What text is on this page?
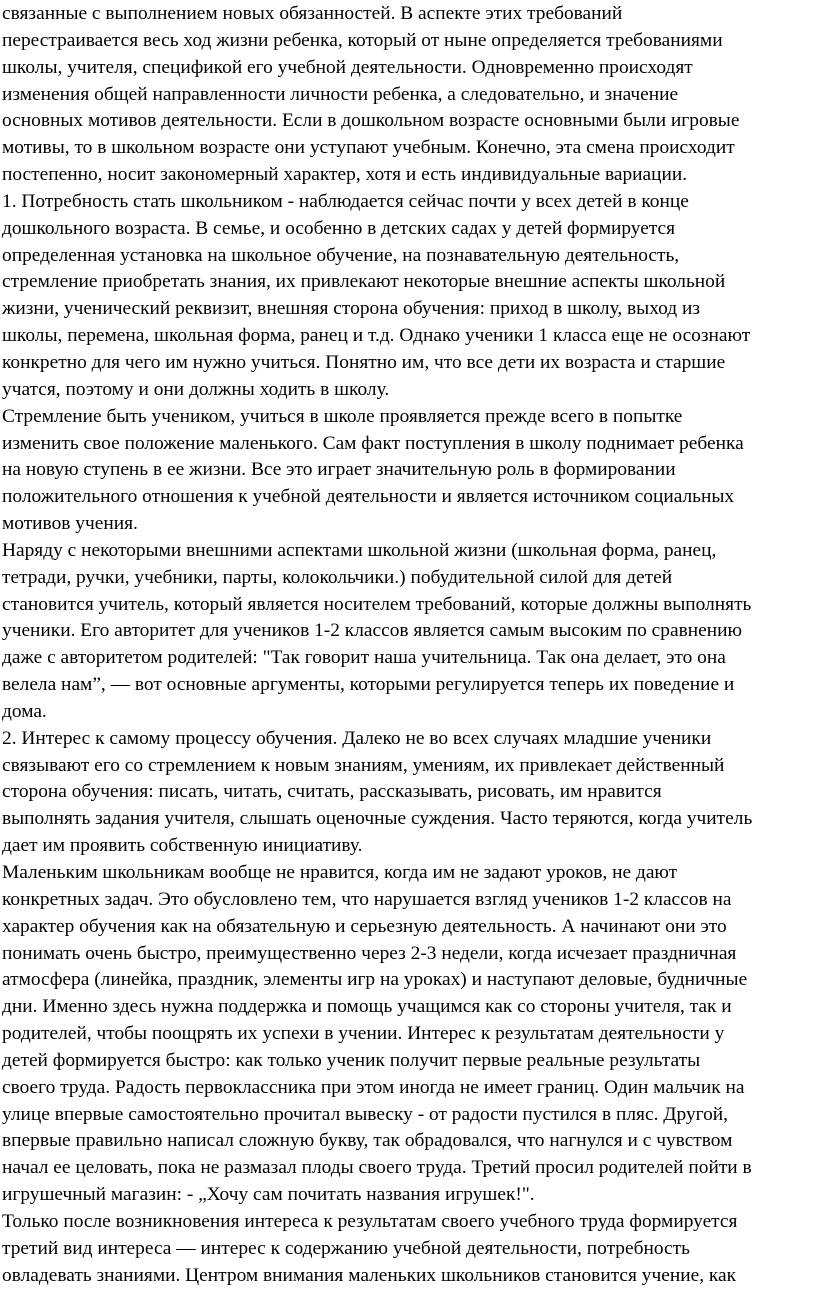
связанные с выполнением новых обязанностей. В аспекте этих требований
перестраивается весь ход жизни ребенка, который от ныне определяется требованиями
школы, учителя, спецификой его учебной деятельности. Одновременно происходят
изменения общей направленности личности ребенка, а следовательно, и значение
основных мотивов деятельности. Если в дошкольном возрасте основными были игровые
мотивы, то в школьном возрасте они уступают учебным. Конечно, эта смена происходит
постепенно, носит закономерный характер, хотя и есть индивидуальные вариации.
1. Потребность стать школьником - наблюдается сейчас почти у всех детей в конце
дошкольного возраста. В семье, и особенно в детских садах у детей формируется
определенная установка на школьное обучение, на познавательную деятельность,
стремление приобретать знания, их привлекают некоторые внешние аспекты школьной
жизни, ученический реквизит, внешняя сторона обучения: приход в школу, выход из
школы, перемена, школьная форма, ранец и т.д. Однако ученики 1 класса еще не осознают
конкретно для чего им нужно учиться. Понятно им, что все дети их возраста и старшие
учатся, поэтому и они должны ходить в школу.
Стремление быть учеником, учиться в школе проявляется прежде всего в попытке
изменить свое положение маленького. Сам факт поступления в школу поднимает ребенка
на новую ступень в ее жизни. Все это играет значительную роль в формировании
положительного отношения к учебной деятельности и является источником социальных
мотивов учения.
Наряду с некоторыми внешними аспектами школьной жизни (школьная форма, ранец,
тетради, ручки, учебники, парты, колокольчики.) побудительной силой для детей
становится учитель, который является носителем требований, которые должны выполнять
ученики. Его авторитет для учеников 1-2 классов является самым высоким по сравнению
даже с авторитетом родителей: "Так говорит наша учительница. Так она делает, это она
велела нам”, — вот основные аргументы, которыми регулируется теперь их поведение и
дома.
2. Интерес к самому процессу обучения. Далеко не во всех случаях младшие ученики
связывают его со стремлением к новым знаниям, умениям, их привлекает действенный
сторона обучения: писать, читать, считать, рассказывать, рисовать, им нравится
выполнять задания учителя, слышать оценочные суждения. Часто теряются, когда учитель
дает им проявить собственную инициативу.
Маленьким школьникам вообще не нравится, когда им не задают уроков, не дают
конкретных задач. Это обусловлено тем, что нарушается взгляд учеников 1-2 классов на
характер обучения как на обязательную и серьезную деятельность. А начинают они это
понимать очень быстро, преимущественно через 2-3 недели, когда исчезает праздничная
атмосфера (линейка, праздник, элементы игр на уроках) и наступают деловые, будничные
дни. Именно здесь нужна поддержка и помощь учащимся как со стороны учителя, так и
родителей, чтобы поощрять их успехи в учении. Интерес к результатам деятельности у
детей формируется быстро: как только ученик получит первые реальные результаты
своего труда. Радость первоклассника при этом иногда не имеет границ. Один мальчик на
улице впервые самостоятельно прочитал вывеску - от радости пустился в пляс. Другой,
впервые правильно написал сложную букву, так обрадовался, что нагнулся и с чувством
начал ее целовать, пока не размазал плоды своего труда. Третий просил родителей пойти в
игрушечный магазин: - „Хочу сам почитать названия игрушек!".
Только после возникновения интереса к результатам своего учебного труда формируется
третий вид интереса — интерес к содержанию учебной деятельности, потребность
овладевать знаниями. Центром внимания маленьких школьников становится учение, как
